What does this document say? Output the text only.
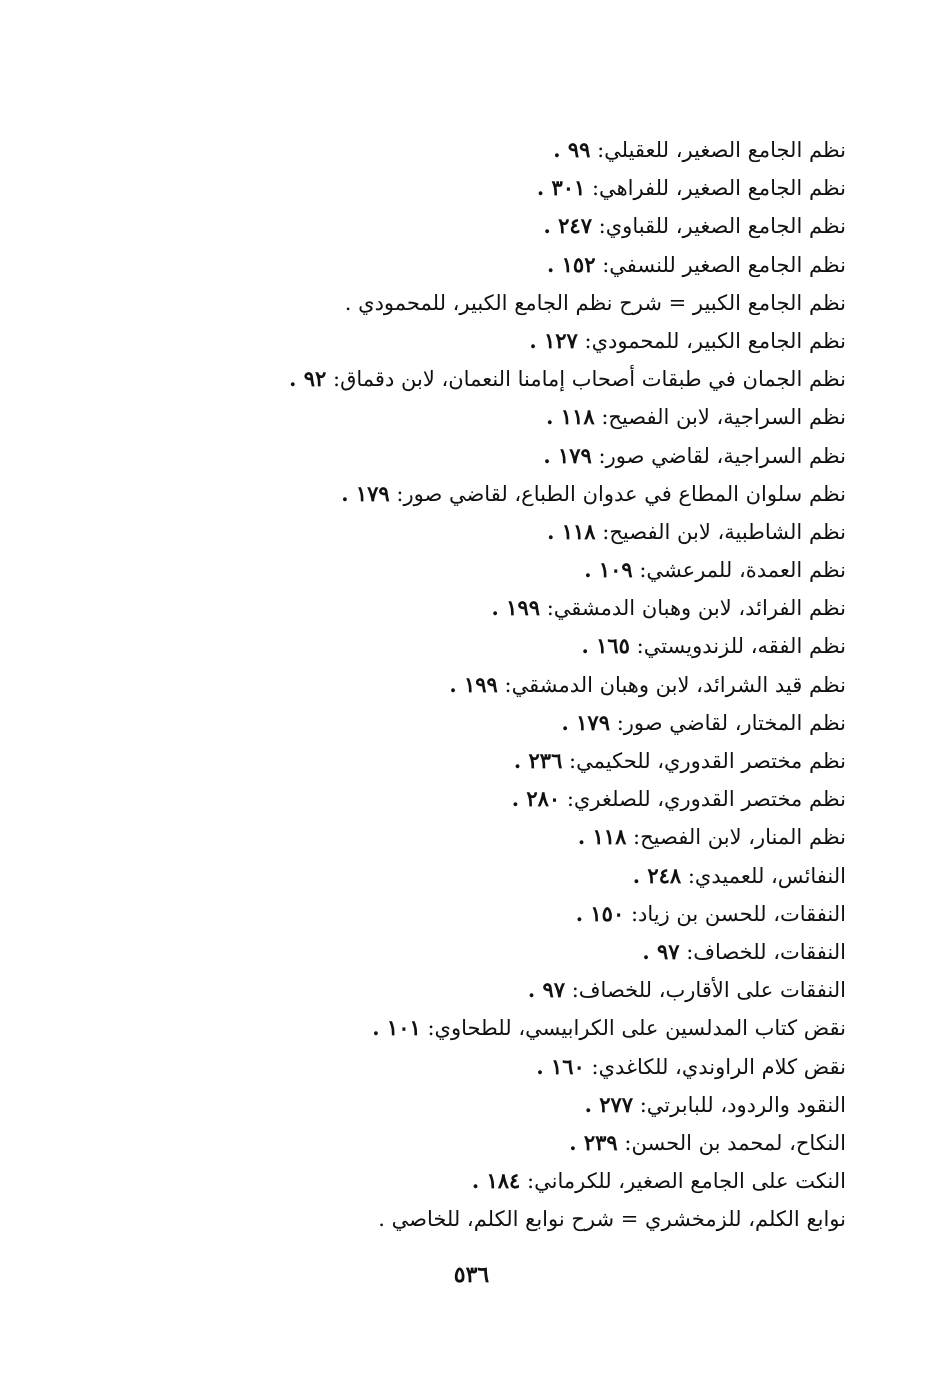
نظم الجامع الصغير، للعقيلي: ٩٩ .
نظم الجامع الصغير، للفراهي: ٣٠١ .
نظم الجامع الصغير، للقباوي: ٢٤٧ .
نظم الجامع الصغير للنسفي: ١٥٢ .
نظم الجامع الكبير = شرح نظم الجامع الكبير، للمحمودي .
نظم الجامع الكبير، للمحمودي: ١٢٧ .
نظم الجمان في طبقات أصحاب إمامنا النعمان، لابن دقماق: ٩٢ .
نظم السراجية، لابن الفصيح: ١١٨ .
نظم السراجية، لقاضي صور: ١٧٩ .
نظم سلوان المطاع في عدوان الطباع، لقاضي صور: ١٧٩ .
نظم الشاطبية، لابن الفصيح: ١١٨ .
نظم العمدة، للمرعشي: ١٠٩ .
نظم الفرائد، لابن وهبان الدمشقي: ١٩٩ .
نظم الفقه، للزندويستي: ١٦٥ .
نظم قيد الشرائد، لابن وهبان الدمشقي: ١٩٩ .
نظم المختار، لقاضي صور: ١٧٩ .
نظم مختصر القدوري، للحكيمي: ٢٣٦ .
نظم مختصر القدوري، للصلغري: ٢٨٠ .
نظم المنار، لابن الفصيح: ١١٨ .
النفائس، للعميدي: ٢٤٨ .
النفقات، للحسن بن زياد: ١٥٠ .
النفقات، للخصاف: ٩٧ .
النفقات على الأقارب، للخصاف: ٩٧ .
نقض كتاب المدلسين على الكرابيسي، للطحاوي: ١٠١ .
نقض كلام الراوندي، للكاغدي: ١٦٠ .
النقود والردود، للبابرتي: ٢٧٧ .
النكاح، لمحمد بن الحسن: ٢٣٩ .
النكت على الجامع الصغير، للكرماني: ١٨٤ .
نوابع الكلم، للزمخشري = شرح نوابع الكلم، للخاصي .
٥٣٦
